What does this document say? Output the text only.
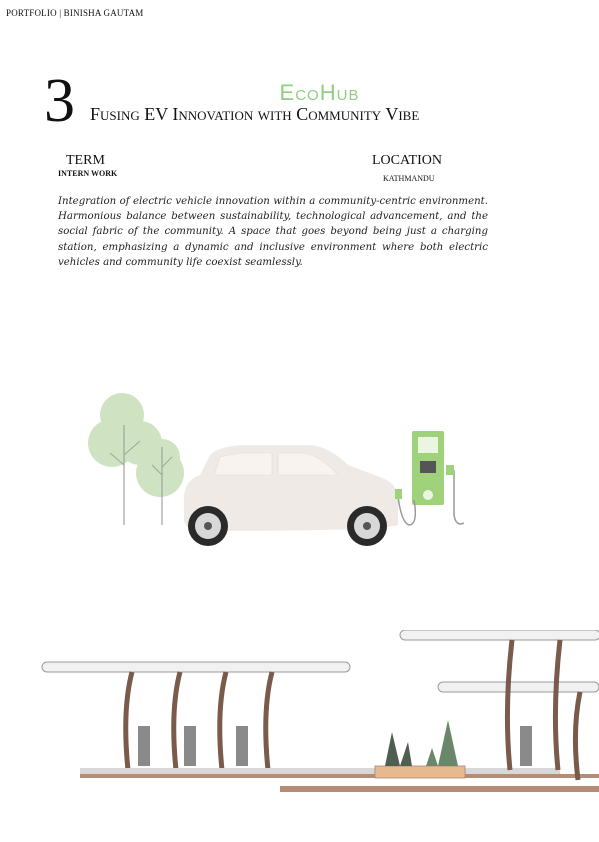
PORTFOLIO | BINISHA GAUTAM
3	EcoHub
Fusing EV Innovation with Community Vibe
TERM
INTERN WORK
LOCATION
KATHMANDU
Integration of electric vehicle innovation within a community-centric environment. Harmonious balance between sustainability, technological advancement, and the social fabric of the community. A space that goes beyond being just a charging station, emphasizing a dynamic and inclusive environment where both electric vehicles and community life coexist seamlessly.
